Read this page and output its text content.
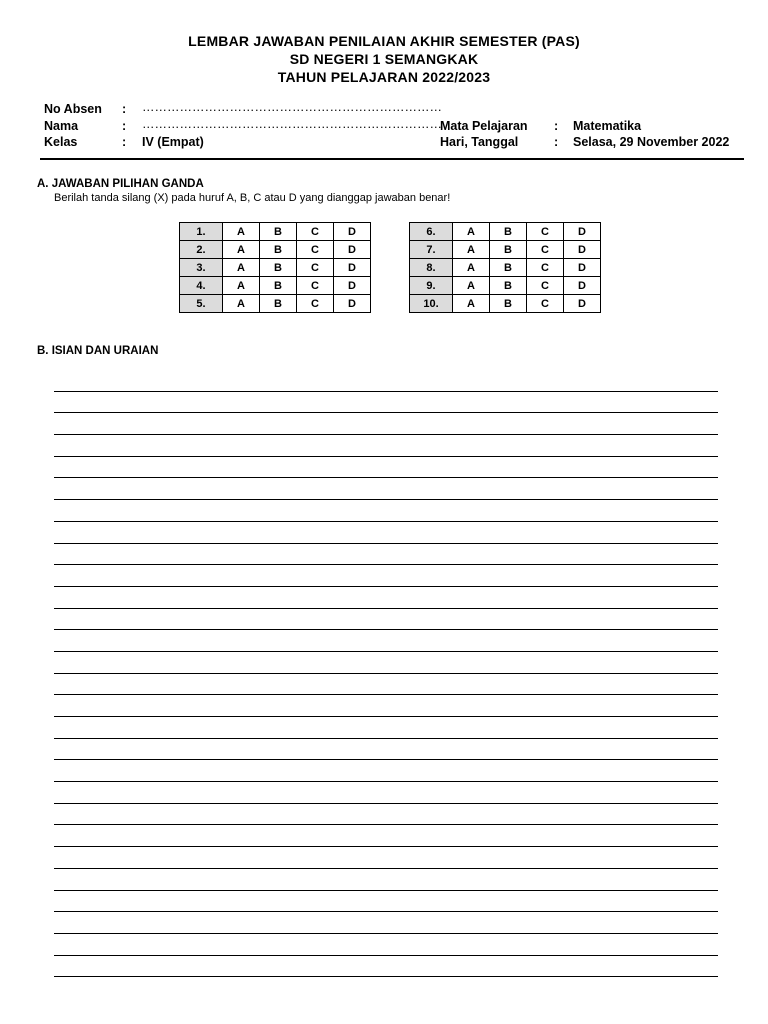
LEMBAR JAWABAN PENILAIAN AKHIR SEMESTER (PAS)
SD NEGERI 1 SEMANGKAK
TAHUN PELAJARAN 2022/2023
No Absen : ………………………………………………………………
Nama	: ………………………………………………………………
Kelas	: IV (Empat)
Mata Pelajaran : Matematika
Hari, Tanggal	: Selasa, 29 November 2022
A. JAWABAN PILIHAN GANDA
Berilah tanda silang (X) pada huruf A, B, C atau D yang dianggap jawaban benar!
1.	A	B	C	D
2.	A	B	C	D
3.	A	B	C	D
4.	A	B	C	D
5.	A	B	C	D
6.	A	B	C	D
7.	A	B	C	D
8.	A	B	C	D
9.	A	B	C	D
10.	A	B	C	D
B. ISIAN DAN URAIAN
